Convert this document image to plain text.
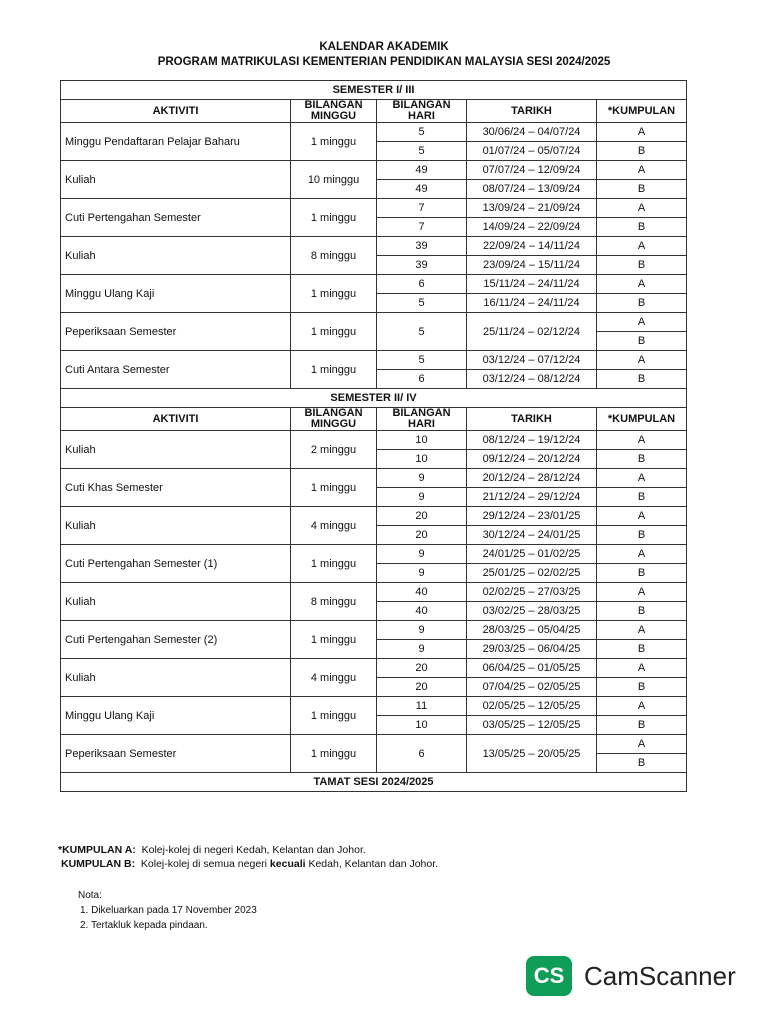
KALENDAR AKADEMIK
PROGRAM MATRIKULASI KEMENTERIAN PENDIDIKAN MALAYSIA SESI 2024/2025
SEMESTER I/ III				
AKTIVITI	BILANGAN MINGGU	BILANGAN HARI	TARIKH	*KUMPULAN
Minggu Pendaftaran Pelajar Baharu	1 minggu	5	30/06/24 – 04/07/24	A
		5	01/07/24 – 05/07/24	B
Kuliah	10 minggu	49	07/07/24 – 12/09/24	A
		49	08/07/24 – 13/09/24	B
Cuti Pertengahan Semester	1 minggu	7	13/09/24 – 21/09/24	A
		7	14/09/24 – 22/09/24	B
Kuliah	8 minggu	39	22/09/24 – 14/11/24	A
		39	23/09/24 – 15/11/24	B
Minggu Ulang Kaji	1 minggu	6	15/11/24 – 24/11/24	A
		5	16/11/24 – 24/11/24	B
Peperiksaan Semester	1 minggu	5	25/11/24 – 02/12/24	A
				B
Cuti Antara Semester	1 minggu	5	03/12/24 – 07/12/24	A
		6	03/12/24 – 08/12/24	B
SEMESTER II/ IV				
AKTIVITI	BILANGAN MINGGU	BILANGAN HARI	TARIKH	*KUMPULAN
Kuliah	2 minggu	10	08/12/24 – 19/12/24	A
		10	09/12/24 – 20/12/24	B
Cuti Khas Semester	1 minggu	9	20/12/24 – 28/12/24	A
		9	21/12/24 – 29/12/24	B
Kuliah	4 minggu	20	29/12/24 – 23/01/25	A
		20	30/12/24 – 24/01/25	B
Cuti Pertengahan Semester (1)	1 minggu	9	24/01/25 – 01/02/25	A
		9	25/01/25 – 02/02/25	B
Kuliah	8 minggu	40	02/02/25 – 27/03/25	A
		40	03/02/25 – 28/03/25	B
Cuti Pertengahan Semester (2)	1 minggu	9	28/03/25 – 05/04/25	A
		9	29/03/25 – 06/04/25	B
Kuliah	4 minggu	20	06/04/25 – 01/05/25	A
		20	07/04/25 – 02/05/25	B
Minggu Ulang Kaji	1 minggu	11	02/05/25 – 12/05/25	A
		10	03/05/25 – 12/05/25	B
Peperiksaan Semester	1 minggu	6	13/05/25 – 20/05/25	A
				B
TAMAT SESI 2024/2025				
*KUMPULAN A: Kolej-kolej di negeri Kedah, Kelantan dan Johor.
KUMPULAN B: Kolej-kolej di semua negeri kecuali Kedah, Kelantan dan Johor.
Nota:
1. Dikeluarkan pada 17 November 2023
2. Tertakluk kepada pindaan.
CS CamScanner
